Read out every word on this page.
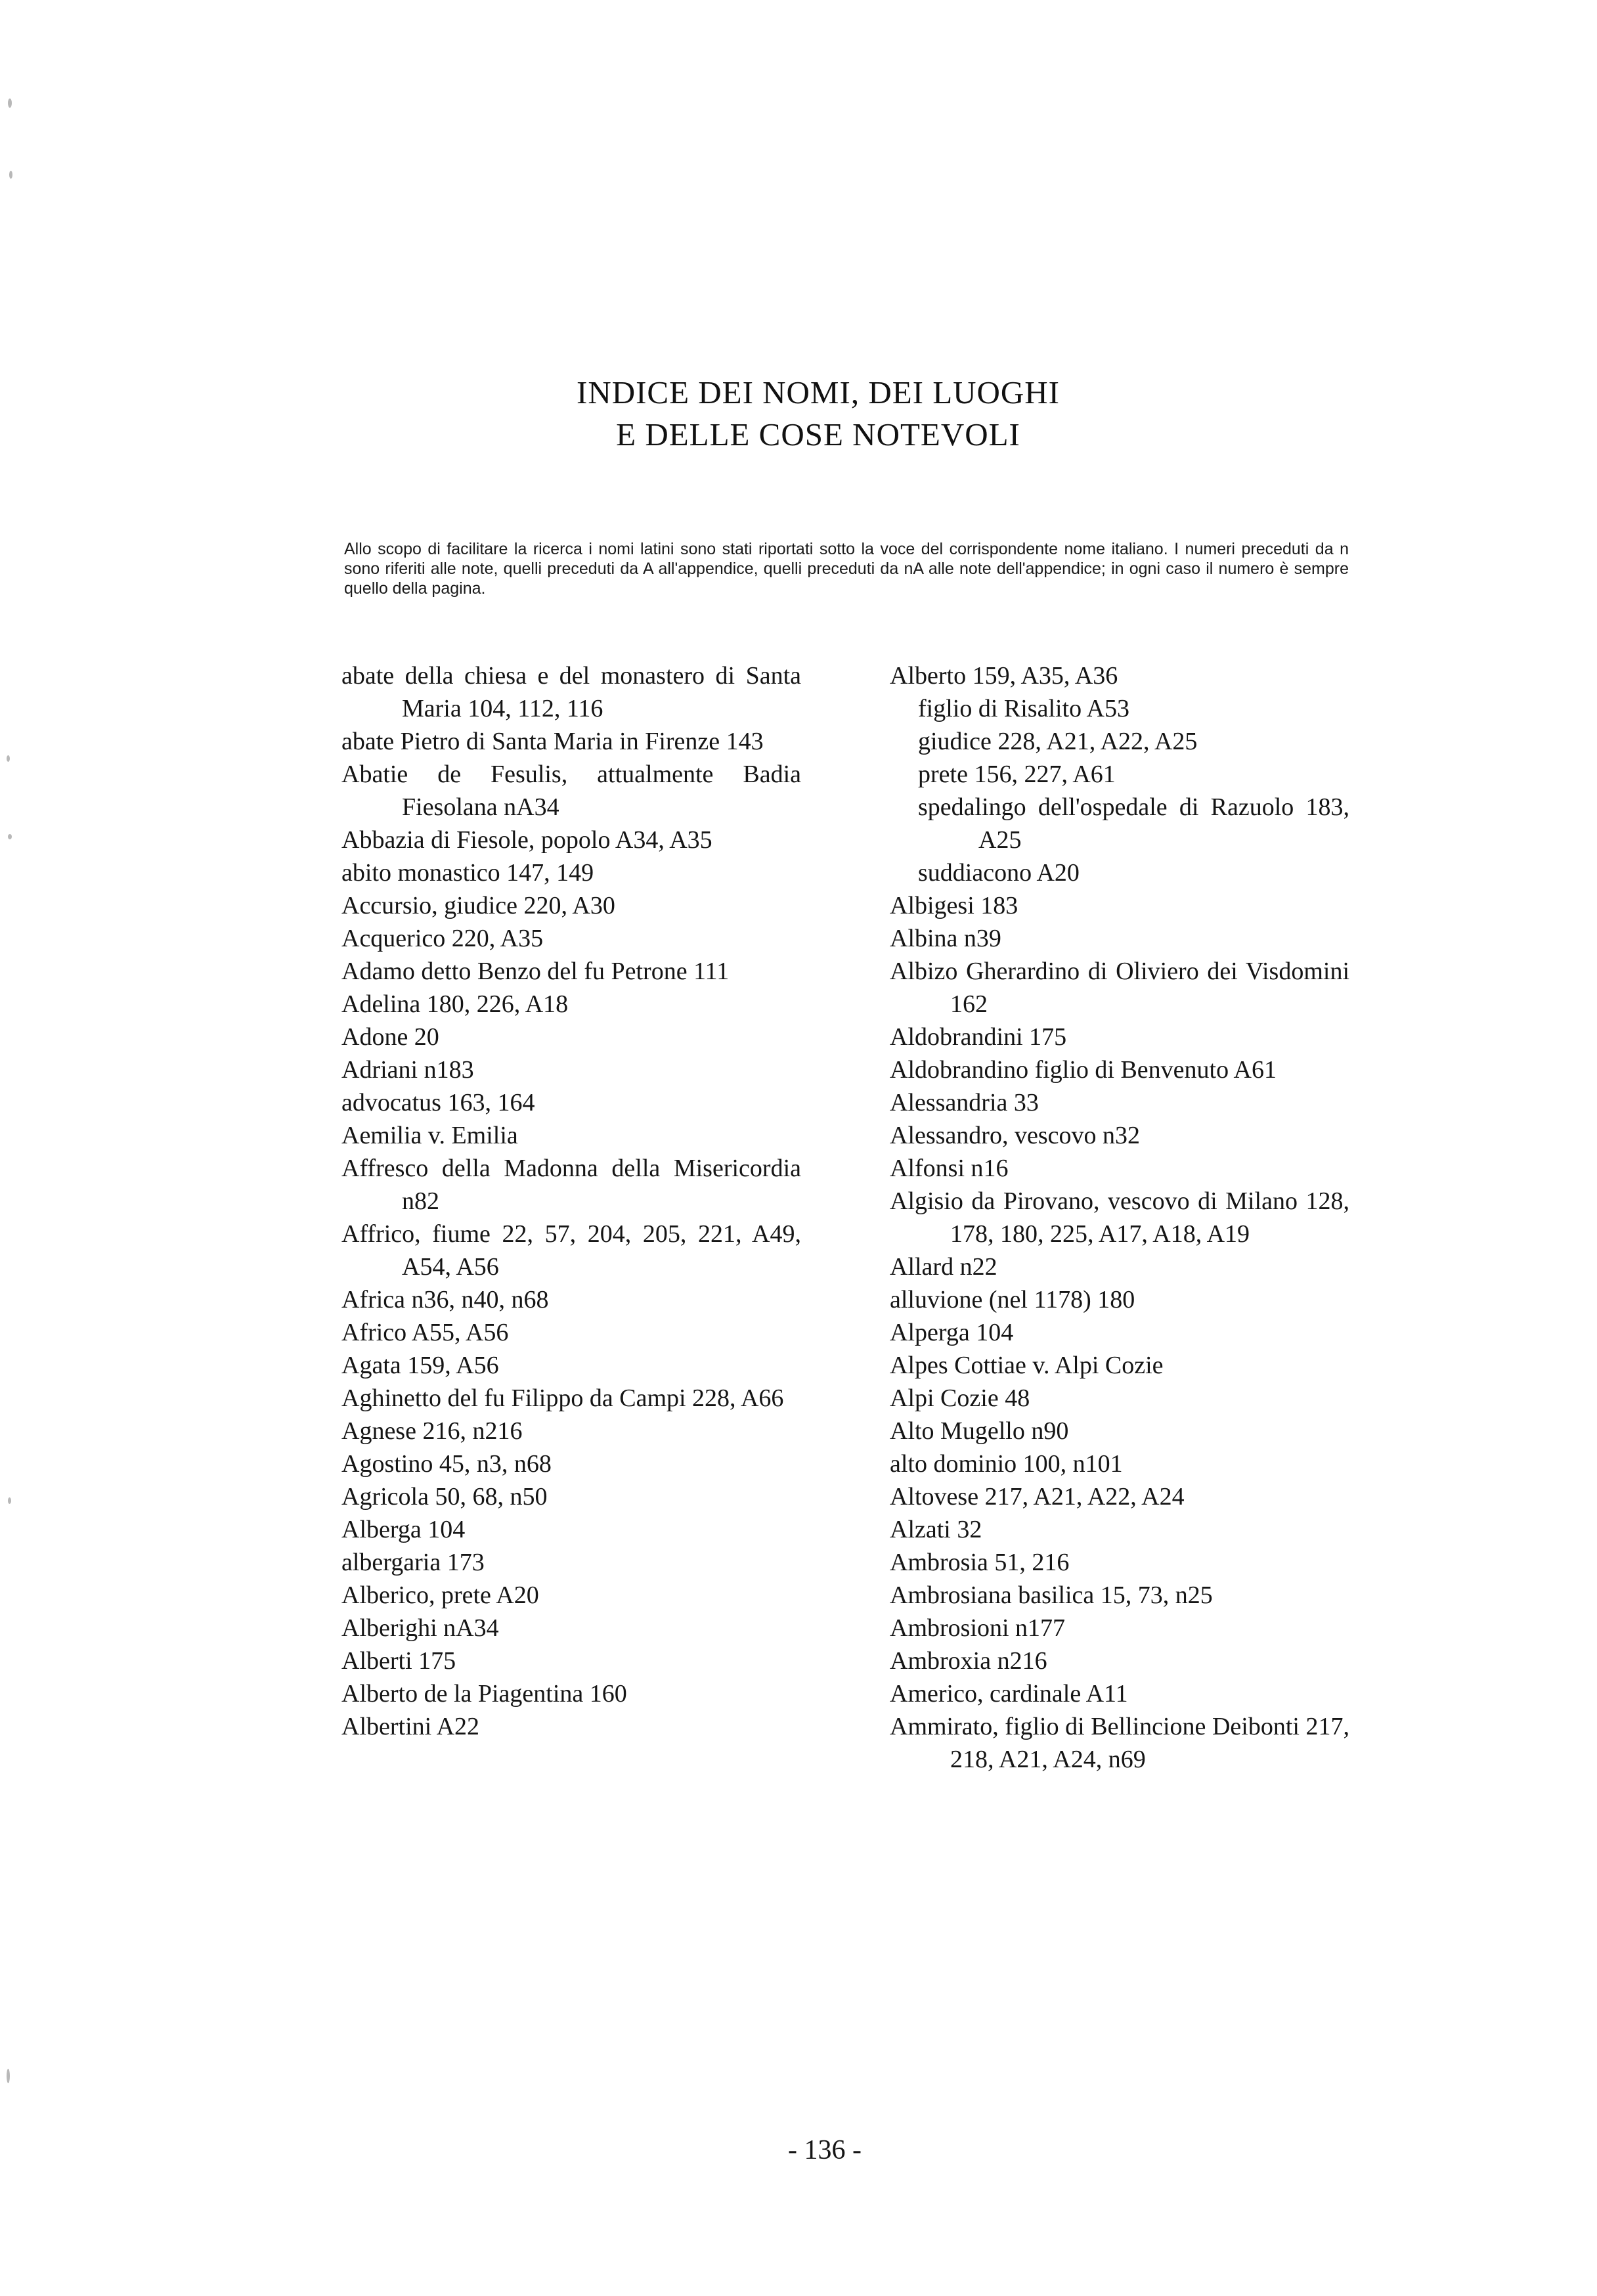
INDICE DEI NOMI, DEI LUOGHI
E DELLE COSE NOTEVOLI

Allo scopo di facilitare la ricerca i nomi latini sono stati riportati sotto la voce del corrispondente nome italiano. I numeri preceduti da n sono riferiti alle note, quelli preceduti da A all'appendice, quelli preceduti da nA alle note dell'appendice; in ogni caso il numero è sempre quello della pagina.

abate della chiesa e del monastero di Santa Maria 104, 112, 116

abate Pietro di Santa Maria in Firenze 143

Abatie de Fesulis, attualmente Badia Fiesolana nA34

Abbazia di Fiesole, popolo A34, A35

abito monastico 147, 149

Accursio, giudice 220, A30

Acquerico 220, A35

Adamo detto Benzo del fu Petrone 111

Adelina 180, 226, A18

Adone 20

Adriani n183

advocatus 163, 164

Aemilia v. Emilia

Affresco della Madonna della Misericordia n82

Affrico, fiume 22, 57, 204, 205, 221, A49, A54, A56

Africa n36, n40, n68

Africo A55, A56

Agata 159, A56

Aghinetto del fu Filippo da Campi 228, A66

Agnese 216, n216

Agostino 45, n3, n68

Agricola 50, 68, n50

Alberga 104

albergaria 173

Alberico, prete A20

Alberighi nA34

Alberti 175

Alberto de la Piagentina 160

Albertini A22

Alberto 159, A35, A36

figlio di Risalito A53

giudice 228, A21, A22, A25

prete 156, 227, A61

spedalingo dell'ospedale di Razuolo 183, A25

suddiacono A20

Albigesi 183

Albina n39

Albizo Gherardino di Oliviero dei Visdomini 162

Aldobrandini 175

Aldobrandino figlio di Benvenuto A61

Alessandria 33

Alessandro, vescovo n32

Alfonsi n16

Algisio da Pirovano, vescovo di Milano 128, 178, 180, 225, A17, A18, A19

Allard n22

alluvione (nel 1178) 180

Alperga 104

Alpes Cottiae v. Alpi Cozie

Alpi Cozie 48

Alto Mugello n90

alto dominio 100, n101

Altovese 217, A21, A22, A24

Alzati 32

Ambrosia 51, 216

Ambrosiana basilica 15, 73, n25

Ambrosioni n177

Ambroxia n216

Americo, cardinale A11

Ammirato, figlio di Bellincione Deibonti 217, 218, A21, A24, n69

- 136 -
